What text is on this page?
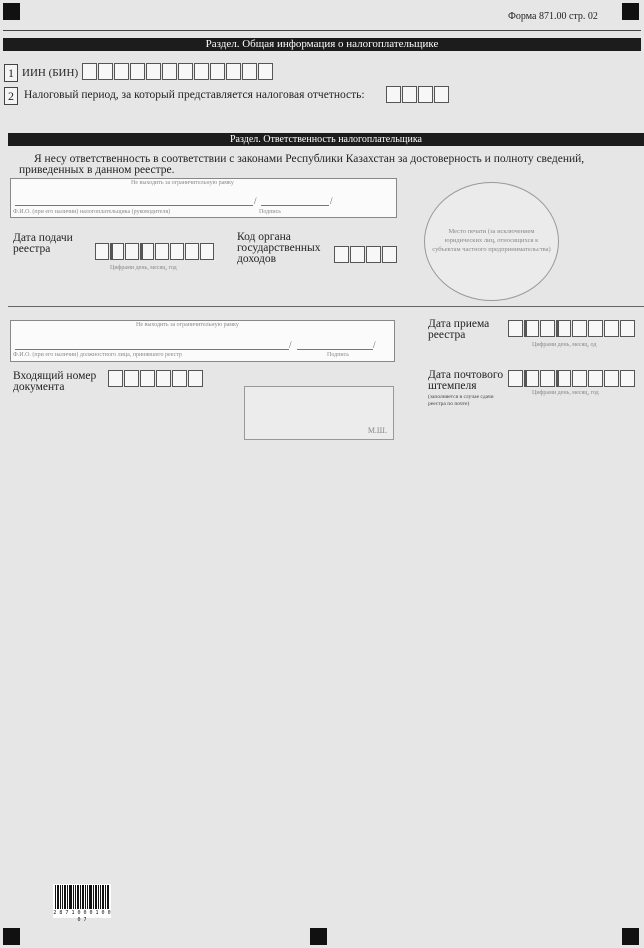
Форма 871.00 стр. 02
Раздел. Общая информация о налогоплательщике
1 ИИН (БИН)
2 Налоговый период, за который представляется налоговая отчетность:
Раздел. Ответственность налогоплательщика
Я несу ответственность в соответствии с законами Республики Казахстан за достоверность и полноту сведений,
приведенных в данном реестре.
Не выходить за ограничительную рамку
/	/
Ф.И.О. (при его наличии) налогоплательщика (руководителя)	Подпись
Дата подачи реестра
Цифрами день, месяц, год
Код органа государственных доходов
Место печати (за исключением юридических лиц, относящихся к субъектам частного предпринимательства)
Не выходить за ограничительную рамку
/	/
Ф.И.О. (при его наличии) должностного лица, принявшего реестр	Подпись
Дата приема реестра
Цифрами день, месяц, од
Входящий номер документа
М.Ш.
Дата почтового штемпеля
(заполняется в случае сдачи реестра по почте)
Цифрами день, месяц, год
2 8 7 1 0 0 0 1 0 0 0 7
